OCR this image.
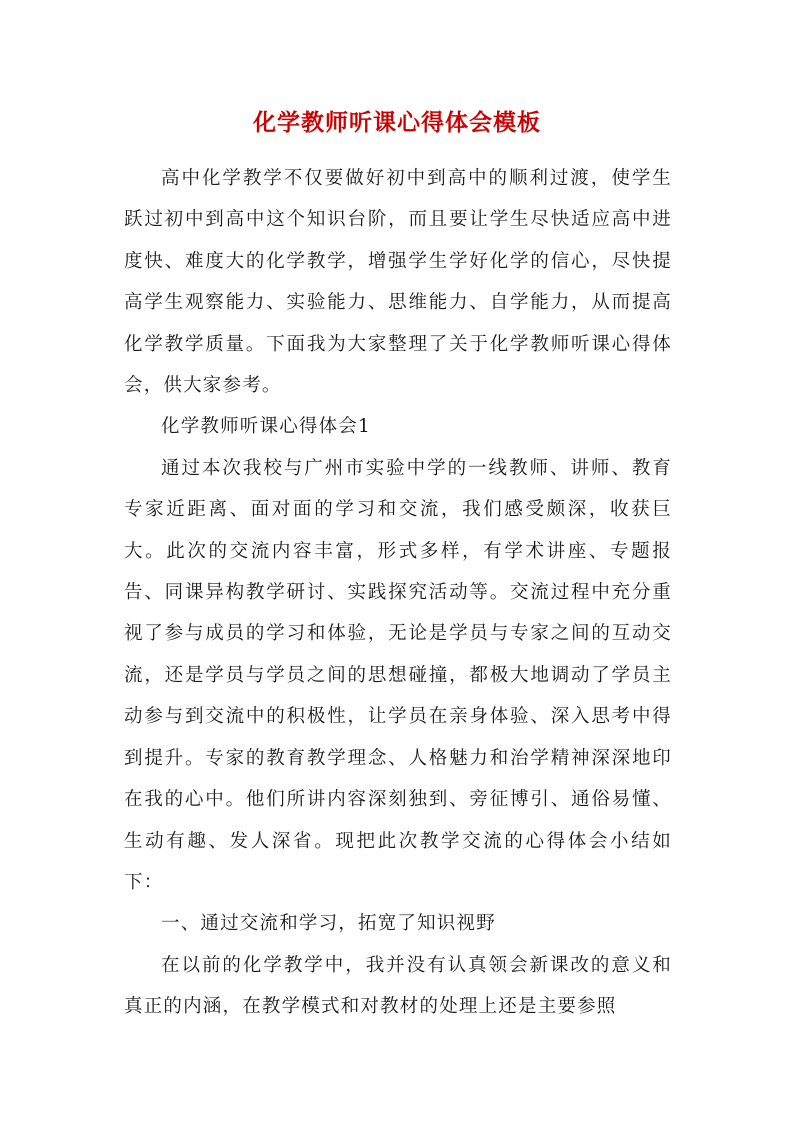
化学教师听课心得体会模板

高中化学教学不仅要做好初中到高中的顺利过渡，使学生跃过初中到高中这个知识台阶，而且要让学生尽快适应高中进度快、难度大的化学教学，增强学生学好化学的信心，尽快提高学生观察能力、实验能力、思维能力、自学能力，从而提高化学教学质量。下面我为大家整理了关于化学教师听课心得体会，供大家参考。

化学教师听课心得体会1

通过本次我校与广州市实验中学的一线教师、讲师、教育专家近距离、面对面的学习和交流，我们感受颇深，收获巨大。此次的交流内容丰富，形式多样，有学术讲座、专题报告、同课异构教学研讨、实践探究活动等。交流过程中充分重视了参与成员的学习和体验，无论是学员与专家之间的互动交流，还是学员与学员之间的思想碰撞，都极大地调动了学员主动参与到交流中的积极性，让学员在亲身体验、深入思考中得到提升。专家的教育教学理念、人格魅力和治学精神深深地印在我的心中。他们所讲内容深刻独到、旁征博引、通俗易懂、生动有趣、发人深省。现把此次教学交流的心得体会小结如下：

一、通过交流和学习，拓宽了知识视野

在以前的化学教学中，我并没有认真领会新课改的意义和真正的内涵，在教学模式和对教材的处理上还是主要参照
